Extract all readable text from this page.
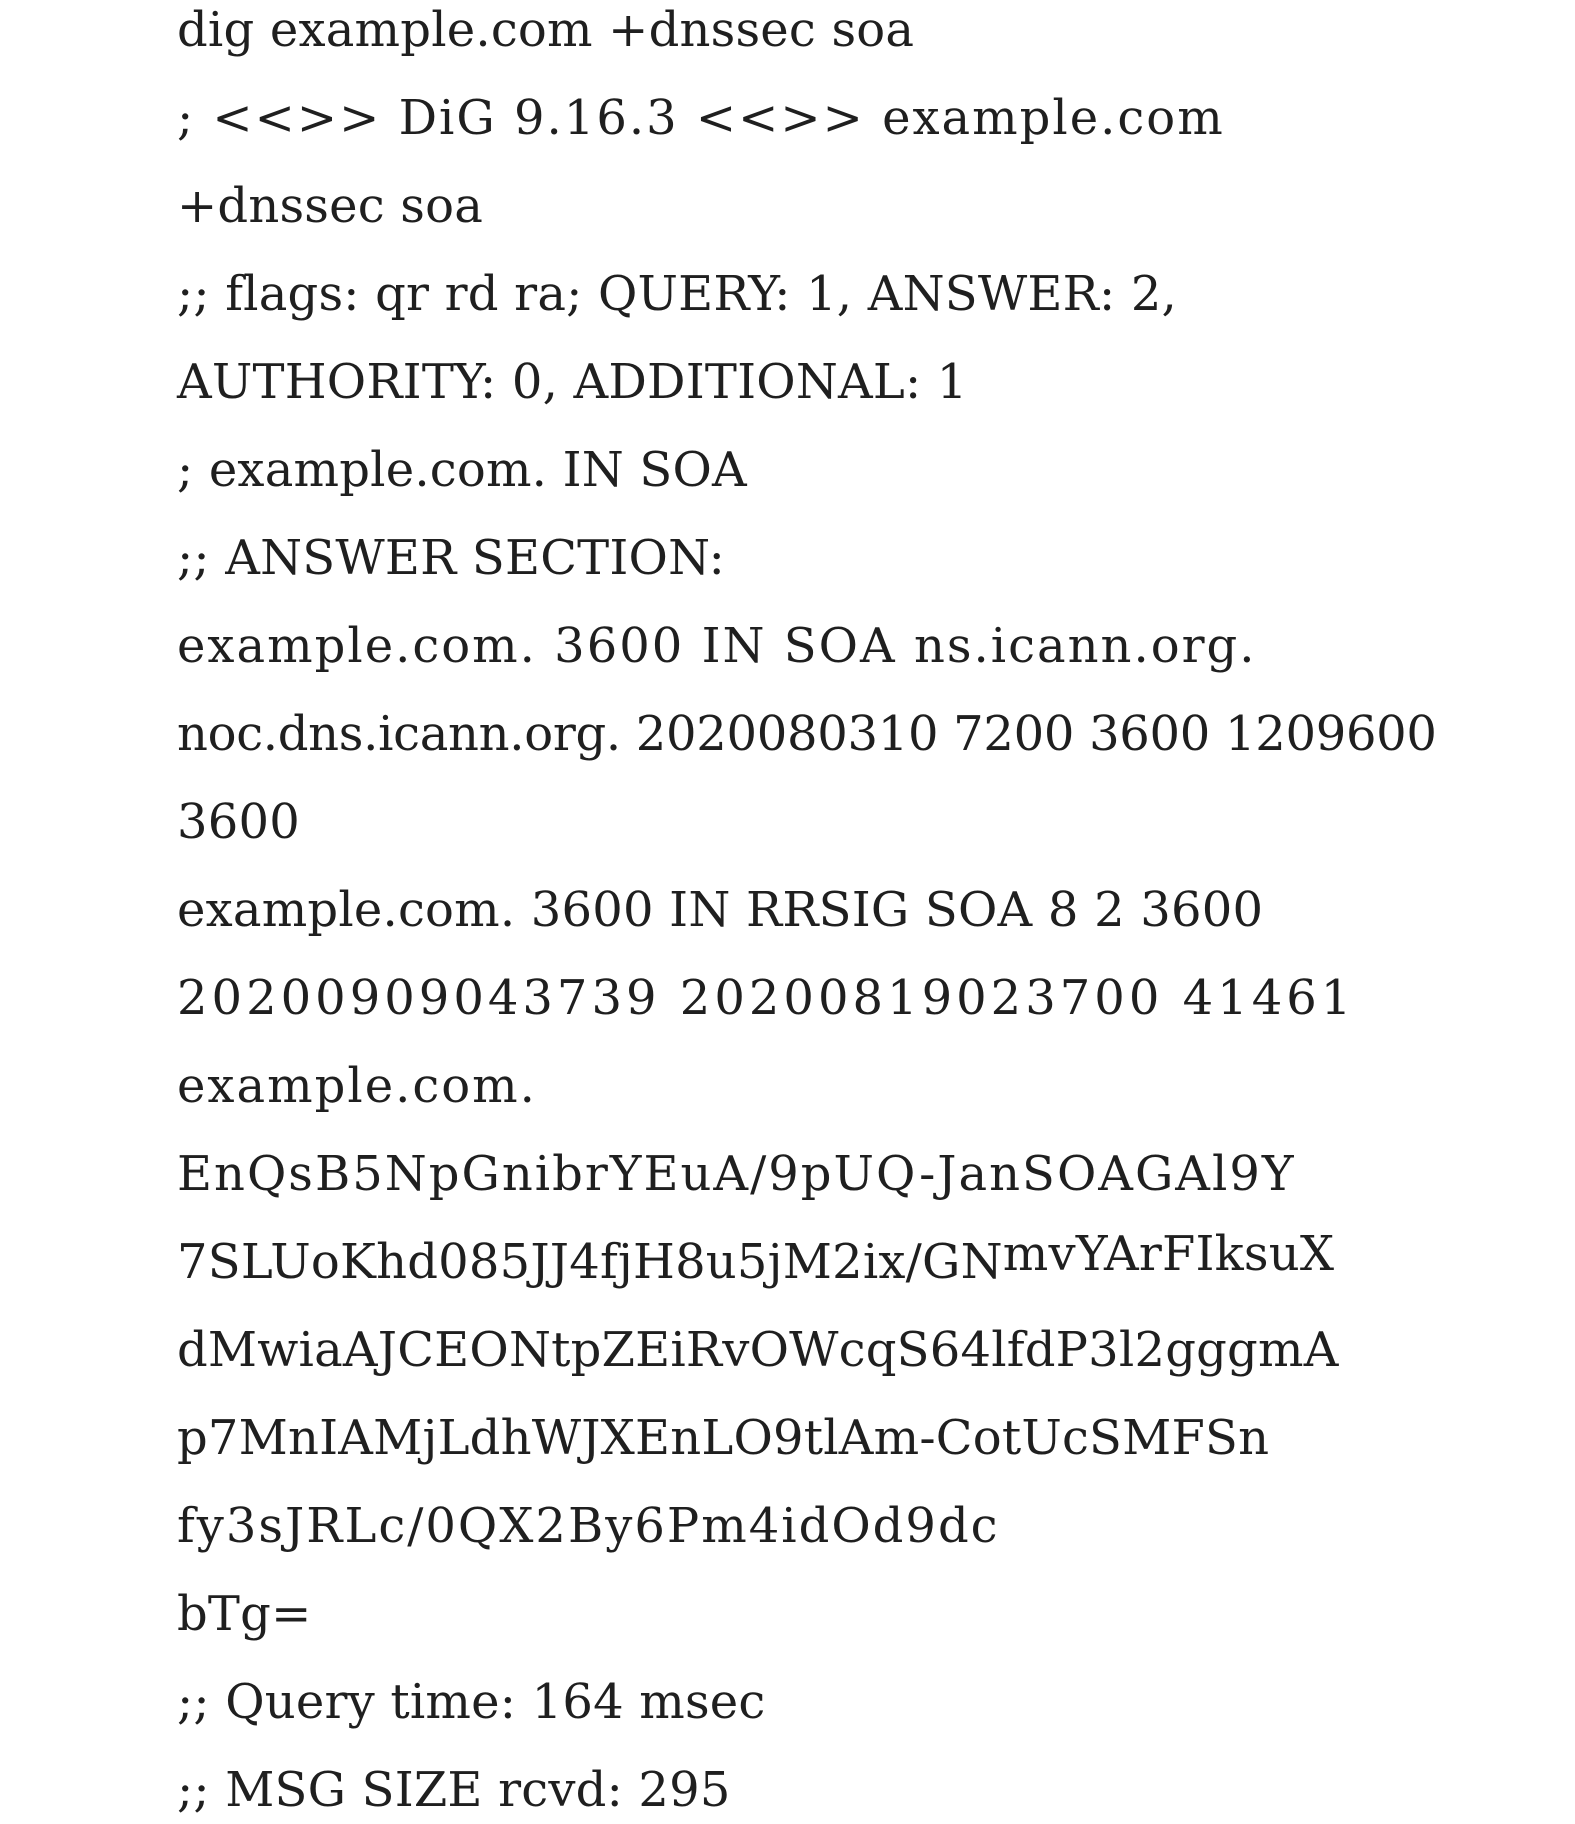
dig example.com +dnssec soa
; <<>> DiG 9.16.3 <<>> example.com
+dnssec soa
;; flags: qr rd ra; QUERY: 1, ANSWER: 2,
AUTHORITY: 0, ADDITIONAL: 1
; example.com. IN SOA
;; ANSWER SECTION:
example.com. 3600 IN SOA ns.icann.org.
noc.dns.icann.org. 2020080310 7200 3600 1209600
3600
example.com. 3600 IN RRSIG SOA 8 2 3600
20200909043739 20200819023700 41461
example.com.
EnQsB5NpGnibrYEuA/9pUQ-JanSOAGAl9Y
7SLUoKhd085JJ4fjH8u5jM2ix/GNmvYArFIksuX
dMwiaAJCEONtpZEiRvOWcqS64lfdP3l2gggmA
p7MnIAMjLdhWJXEnLO9tlAm-CotUcSMFSn
fy3sJRLc/0QX2By6Pm4idOd9dc
bTg=
;; Query time: 164 msec
;; MSG SIZE rcvd: 295
